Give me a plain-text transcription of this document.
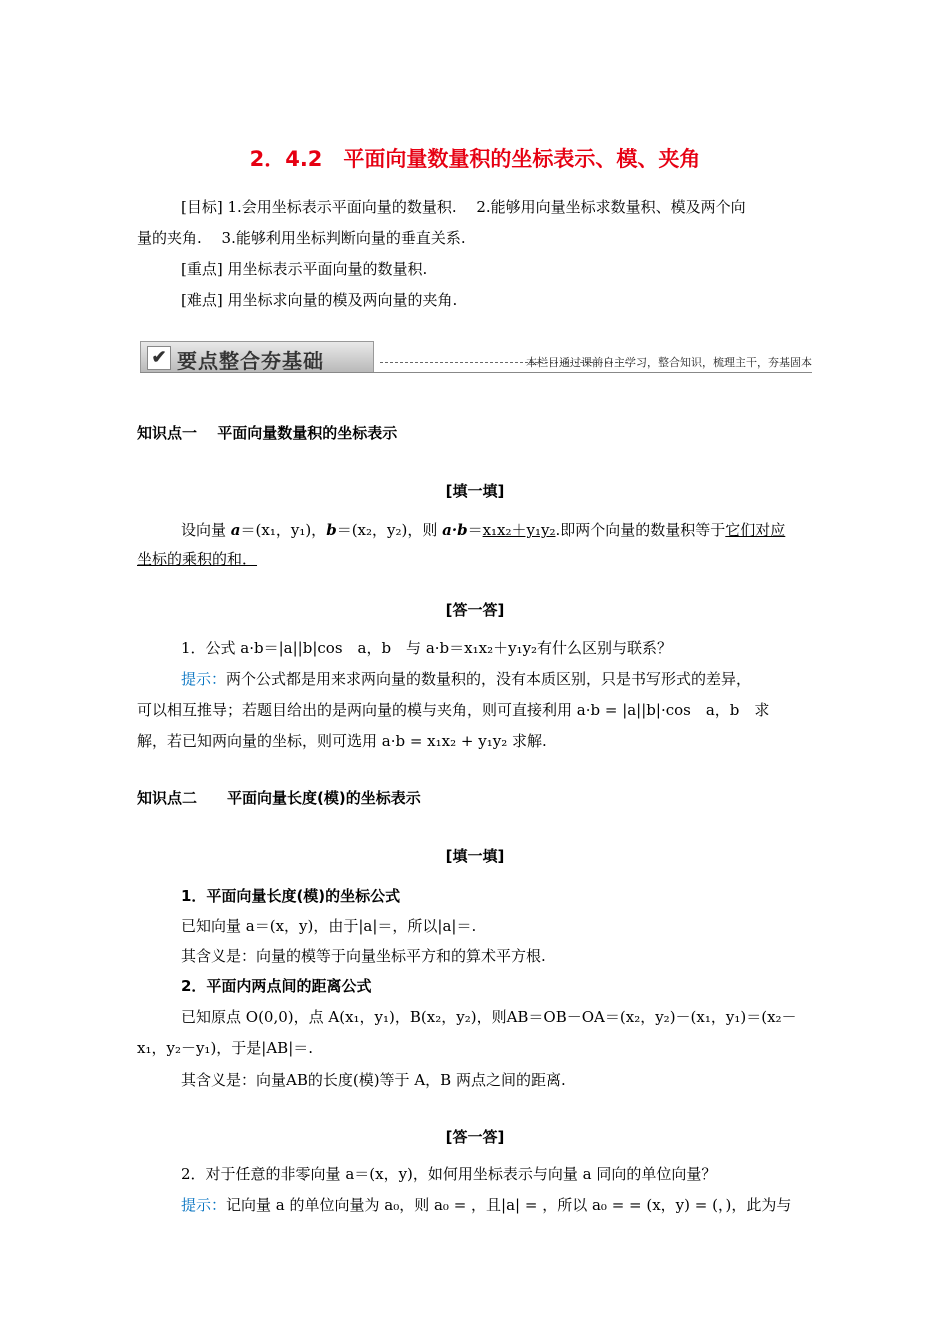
2．4.2　平面向量数量积的坐标表示、模、夹角
[目标] 1.会用坐标表示平面向量的数量积.　 2.能够用向量坐标求数量积、模及两个向
量的夹角.　 3.能够利用坐标判断向量的垂直关系.
[重点] 用坐标表示平面向量的数量积.
[难点] 用坐标求向量的模及两向量的夹角.
✔ 要点整合夯基础	本栏目通过课前自主学习，整合知识，梳理主干，夯基固本
知识点一　 平面向量数量积的坐标表示
[填一填]
设向量 a＝(x₁，y₁)，b＝(x₂，y₂)，则 a·b＝x₁x₂＋y₁y₂.即两个向量的数量积等于它们对应
坐标的乘积的和．
[答一答]
1．公式 a·b＝|a||b|cos　a，b　与 a·b＝x₁x₂＋y₁y₂有什么区别与联系？
提示：两个公式都是用来求两向量的数量积的，没有本质区别，只是书写形式的差异，
可以相互推导；若题目给出的是两向量的模与夹角，则可直接利用 a·b = |a||b|·cos　a，b　求
解，若已知两向量的坐标，则可选用 a·b = x₁x₂ + y₁y₂ 求解.
知识点二　　平面向量长度(模)的坐标表示
[填一填]
1．平面向量长度(模)的坐标公式
已知向量 a＝(x，y)，由于|a|＝，所以|a|＝.
其含义是：向量的模等于向量坐标平方和的算术平方根.
2．平面内两点间的距离公式
已知原点 O(0,0)，点 A(x₁，y₁)，B(x₂，y₂)，则AB＝OB－OA＝(x₂，y₂)－(x₁，y₁)＝(x₂－
x₁，y₂－y₁)，于是|AB|＝.
其含义是：向量AB的长度(模)等于 A，B 两点之间的距离.
[答一答]
2．对于任意的非零向量 a＝(x，y)，如何用坐标表示与向量 a 同向的单位向量？
提示：记向量 a 的单位向量为 a₀，则 a₀ = ，且|a| = ，所以 a₀ = = (x，y) = (，)，此为与
